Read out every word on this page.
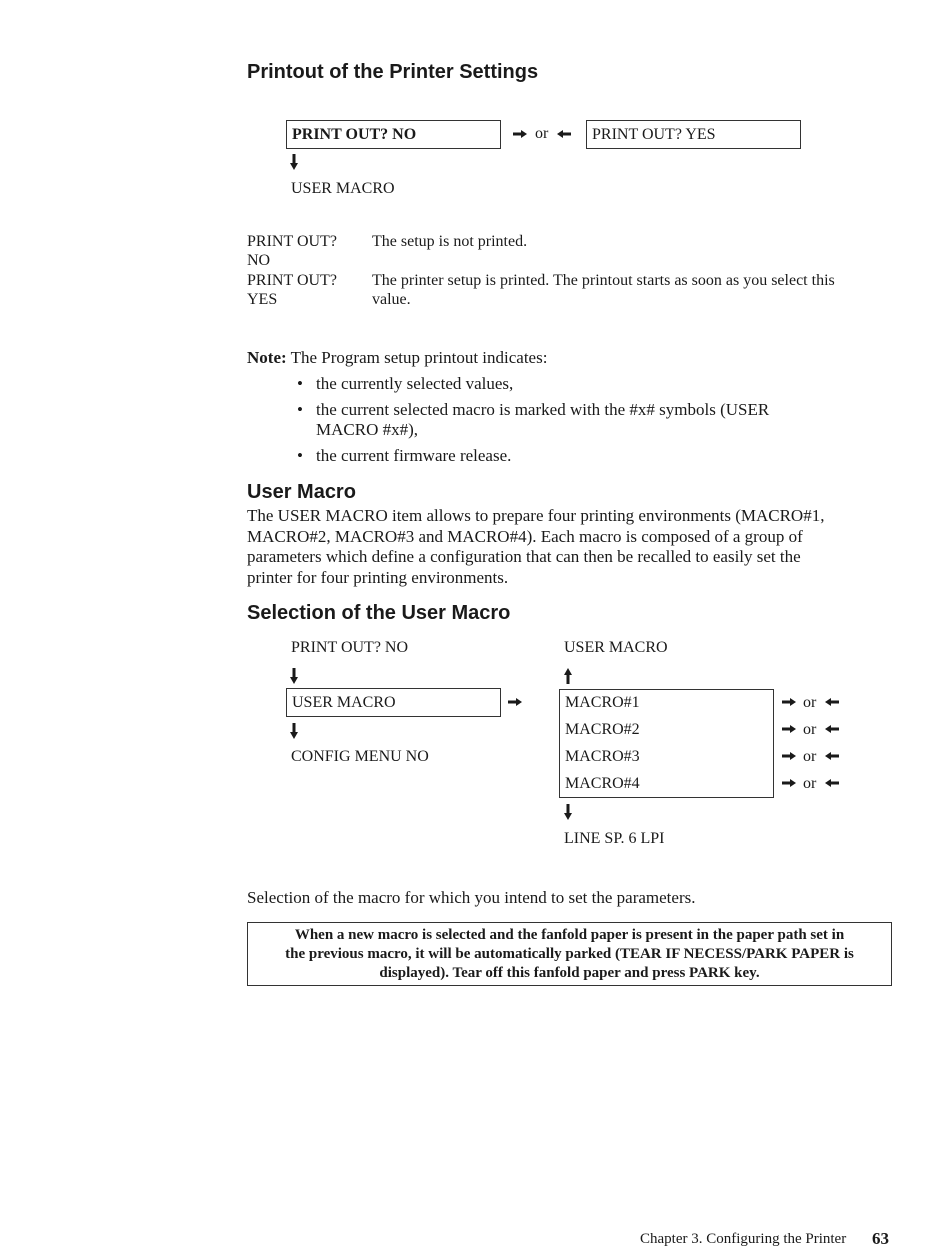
Printout of the Printer Settings
PRINT OUT? NO	or	PRINT OUT? YES
USER MACRO
PRINT OUT?
NO
The setup is not printed.
PRINT OUT?
YES
The printer setup is printed. The printout starts as soon as you select this
value.
Note: The Program setup printout indicates:
• the currently selected values,
• the current selected macro is marked with the #x# symbols (USER
MACRO #x#),
• the current firmware release.
User Macro
The USER MACRO item allows to prepare four printing environments (MACRO#1,
MACRO#2, MACRO#3 and MACRO#4). Each macro is composed of a group of
parameters which define a configuration that can then be recalled to easily set the
printer for four printing environments.
Selection of the User Macro
PRINT OUT? NO
USER MACRO
CONFIG MENU NO
USER MACRO
MACRO#1
MACRO#2
MACRO#3
MACRO#4
or
or
or
or
LINE SP. 6 LPI
Selection of the macro for which you intend to set the parameters.
When a new macro is selected and the fanfold paper is present in the paper path set in
the previous macro, it will be automatically parked (TEAR IF NECESS/PARK PAPER is
displayed). Tear off this fanfold paper and press PARK key.
Chapter 3. Configuring the Printer 63
